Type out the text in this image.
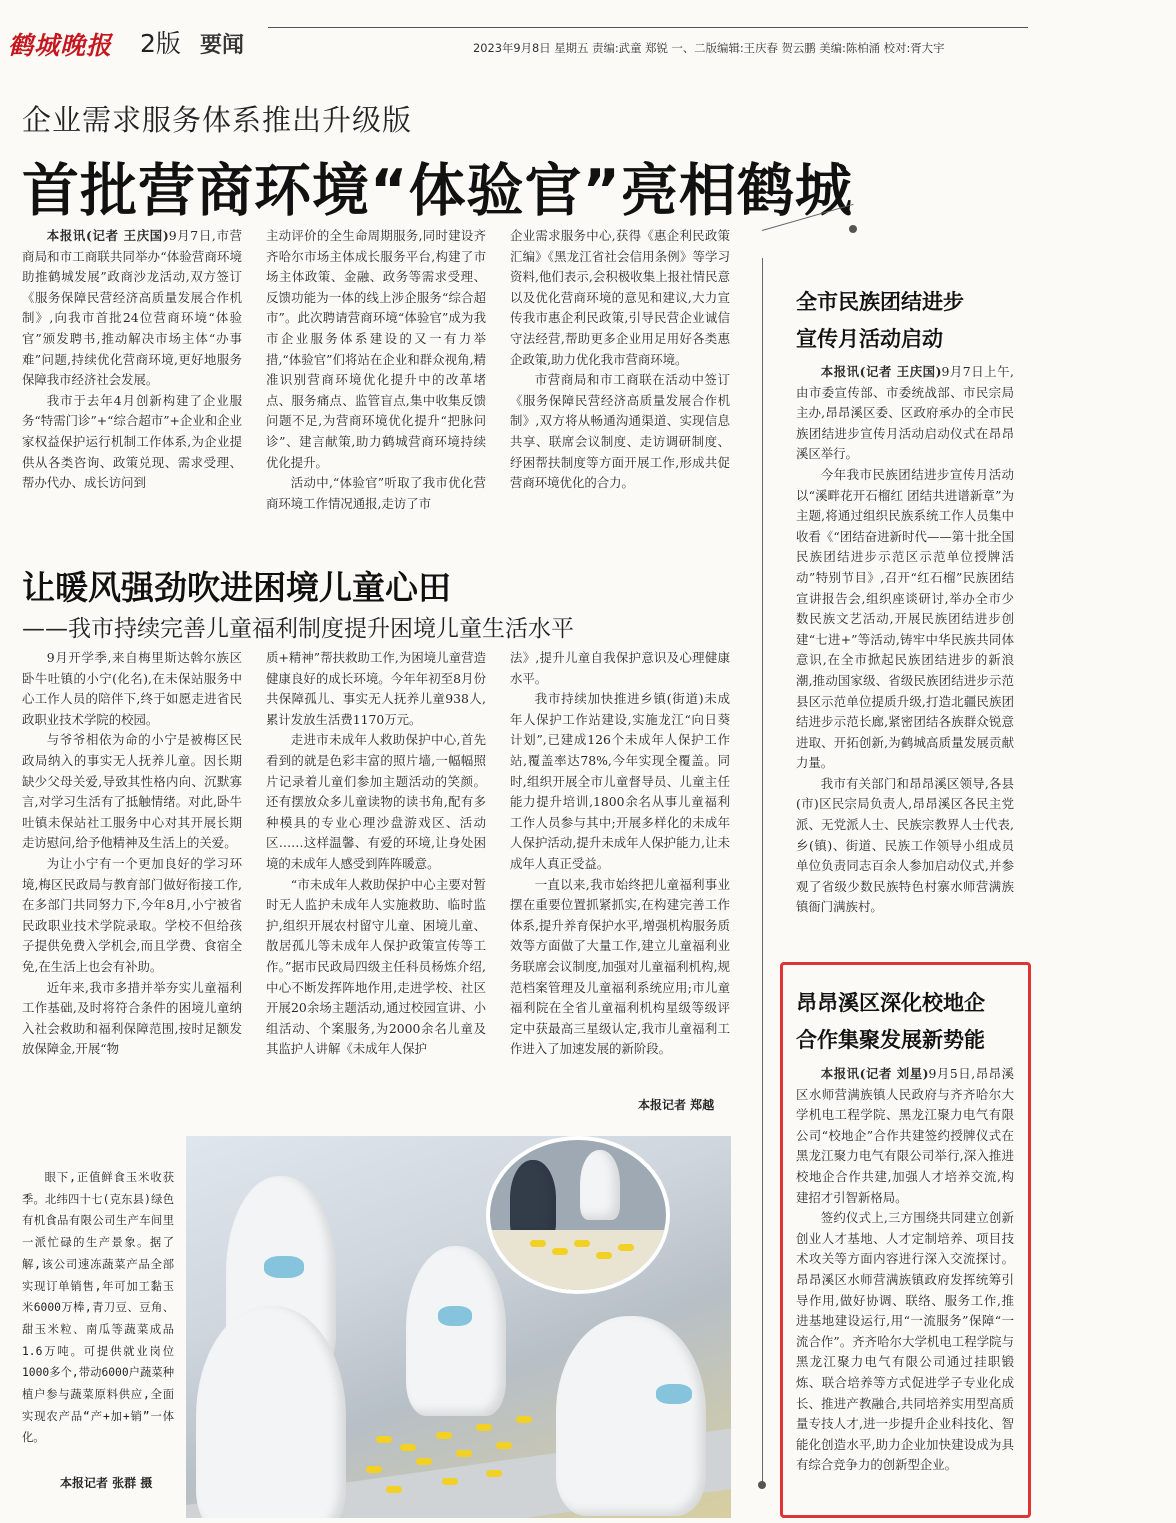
鹤城晚报 2版 要闻	2023年9月8日 星期五 责编:武童 郑锐 一、二版编辑:王庆春 贺云鹏 美编:陈柏涌 校对:胥大宇
企业需求服务体系推出升级版
首批营商环境“体验官”亮相鹤城

本报讯(记者 王庆国)9月7日,市营商局和市工商联共同举办“体验营商环境 助推鹤城发展”政商沙龙活动,双方签订《服务保障民营经济高质量发展合作机制》,向我市首批24位营商环境“体验官”颁发聘书,推动解决市场主体“办事难”问题,持续优化营商环境,更好地服务保障我市经济社会发展。

我市于去年4月创新构建了企业服务“特需门诊”+“综合超市”+企业和企业家权益保护运行机制工作体系,为企业提供从各类咨询、政策兑现、需求受理、帮办代办、成长访问到

主动评价的全生命周期服务,同时建设齐齐哈尔市场主体成长服务平台,构建了市场主体政策、金融、政务等需求受理、反馈功能为一体的线上涉企服务“综合超市”。此次聘请营商环境“体验官”成为我市企业服务体系建设的又一有力举措,“体验官”们将站在企业和群众视角,精准识别营商环境优化提升中的改革堵点、服务痛点、监管盲点,集中收集反馈问题不足,为营商环境优化提升“把脉问诊”、建言献策,助力鹤城营商环境持续优化提升。

活动中,“体验官”听取了我市优化营商环境工作情况通报,走访了市

企业需求服务中心,获得《惠企利民政策汇编》《黑龙江省社会信用条例》等学习资料,他们表示,会积极收集上报社情民意以及优化营商环境的意见和建议,大力宣传我市惠企利民政策,引导民营企业诚信守法经营,帮助更多企业用足用好各类惠企政策,助力优化我市营商环境。

市营商局和市工商联在活动中签订《服务保障民营经济高质量发展合作机制》,双方将从畅通沟通渠道、实现信息共享、联席会议制度、走访调研制度、纾困帮扶制度等方面开展工作,形成共促营商环境优化的合力。

让暖风强劲吹进困境儿童心田
——我市持续完善儿童福利制度提升困境儿童生活水平

9月开学季,来自梅里斯达斡尔族区卧牛吐镇的小宁(化名),在未保站服务中心工作人员的陪伴下,终于如愿走进省民政职业技术学院的校园。

与爷爷相依为命的小宁是被梅区民政局纳入的事实无人抚养儿童。因长期缺少父母关爱,导致其性格内向、沉默寡言,对学习生活有了抵触情绪。对此,卧牛吐镇未保站社工服务中心对其开展长期走访慰问,给予他精神及生活上的关爱。

为让小宁有一个更加良好的学习环境,梅区民政局与教育部门做好衔接工作,在多部门共同努力下,今年8月,小宁被省民政职业技术学院录取。学校不但给孩子提供免费入学机会,而且学费、食宿全免,在生活上也会有补助。

近年来,我市多措并举夯实儿童福利工作基础,及时将符合条件的困境儿童纳入社会救助和福利保障范围,按时足额发放保障金,开展“物

质+精神”帮扶救助工作,为困境儿童营造健康良好的成长环境。今年年初至8月份共保障孤儿、事实无人抚养儿童938人,累计发放生活费1170万元。

走进市未成年人救助保护中心,首先看到的就是色彩丰富的照片墙,一幅幅照片记录着儿童们参加主题活动的笑颜。还有摆放众多儿童读物的读书角,配有多种模具的专业心理沙盘游戏区、活动区……这样温馨、有爱的环境,让身处困境的未成年人感受到阵阵暖意。

“市未成年人救助保护中心主要对暂时无人监护未成年人实施救助、临时监护,组织开展农村留守儿童、困境儿童、散居孤儿等未成年人保护政策宣传等工作。”据市民政局四级主任科员杨炼介绍,中心不断发挥阵地作用,走进学校、社区开展20余场主题活动,通过校园宣讲、小组活动、个案服务,为2000余名儿童及其监护人讲解《未成年人保护

法》,提升儿童自我保护意识及心理健康水平。

我市持续加快推进乡镇(街道)未成年人保护工作站建设,实施龙江“向日葵计划”,已建成126个未成年人保护工作站,覆盖率达78%,今年实现全覆盖。同时,组织开展全市儿童督导员、儿童主任能力提升培训,1800余名从事儿童福利工作人员参与其中;开展多样化的未成年人保护活动,提升未成年人保护能力,让未成年人真正受益。

一直以来,我市始终把儿童福利事业摆在重要位置抓紧抓实,在构建完善工作体系,提升养育保护水平,增强机构服务质效等方面做了大量工作,建立儿童福利业务联席会议制度,加强对儿童福利机构,规范档案管理及儿童福利系统应用;市儿童福利院在全省儿童福利机构星级等级评定中获最高三星级认定,我市儿童福利工作进入了加速发展的新阶段。

本报记者 郑越
全市民族团结进步
宣传月活动启动

本报讯(记者 王庆国)9月7日上午,由市委宣传部、市委统战部、市民宗局主办,昂昂溪区委、区政府承办的全市民族团结进步宣传月活动启动仪式在昂昂溪区举行。

今年我市民族团结进步宣传月活动以“溪畔花开石榴红 团结共进谱新章”为主题,将通过组织民族系统工作人员集中收看《“团结奋进新时代——第十批全国民族团结进步示范区示范单位授牌活动”特别节目》,召开“红石榴”民族团结宣讲报告会,组织座谈研讨,举办全市少数民族文艺活动,开展民族团结进步创建“七进+”等活动,铸牢中华民族共同体意识,在全市掀起民族团结进步的新浪潮,推动国家级、省级民族团结进步示范县区示范单位提质升级,打造北疆民族团结进步示范长廊,紧密团结各族群众锐意进取、开拓创新,为鹤城高质量发展贡献力量。

我市有关部门和昂昂溪区领导,各县(市)区民宗局负责人,昂昂溪区各民主党派、无党派人士、民族宗教界人士代表,乡(镇)、街道、民族工作领导小组成员单位负责同志百余人参加启动仪式,并参观了省级少数民族特色村寨水师营满族镇衙门满族村。

昂昂溪区深化校地企
合作集聚发展新势能

本报讯(记者 刘星)9月5日,昂昂溪区水师营满族镇人民政府与齐齐哈尔大学机电工程学院、黑龙江聚力电气有限公司“校地企”合作共建签约授牌仪式在黑龙江聚力电气有限公司举行,深入推进校地企合作共建,加强人才培养交流,构建招才引智新格局。

签约仪式上,三方围绕共同建立创新创业人才基地、人才定制培养、项目技术攻关等方面内容进行深入交流探讨。昂昂溪区水师营满族镇政府发挥统筹引导作用,做好协调、联络、服务工作,推进基地建设运行,用“一流服务”保障“一流合作”。齐齐哈尔大学机电工程学院与黑龙江聚力电气有限公司通过挂职锻炼、联合培养等方式促进学子专业化成长、推进产教融合,共同培养实用型高质量专技人才,进一步提升企业科技化、智能化创造水平,助力企业加快建设成为具有综合竞争力的创新型企业。

眼下,正值鲜食玉米收获季。北纬四十七(克东县)绿色有机食品有限公司生产车间里一派忙碌的生产景象。据了解,该公司速冻蔬菜产品全部实现订单销售,年可加工黏玉米6000万棒,青刀豆、豆角、甜玉米粒、南瓜等蔬菜成品1.6万吨。可提供就业岗位1000多个,带动6000户蔬菜种植户参与蔬菜原料供应,全面实现农产品“产+加+销”一体化。
本报记者 张群 摄
